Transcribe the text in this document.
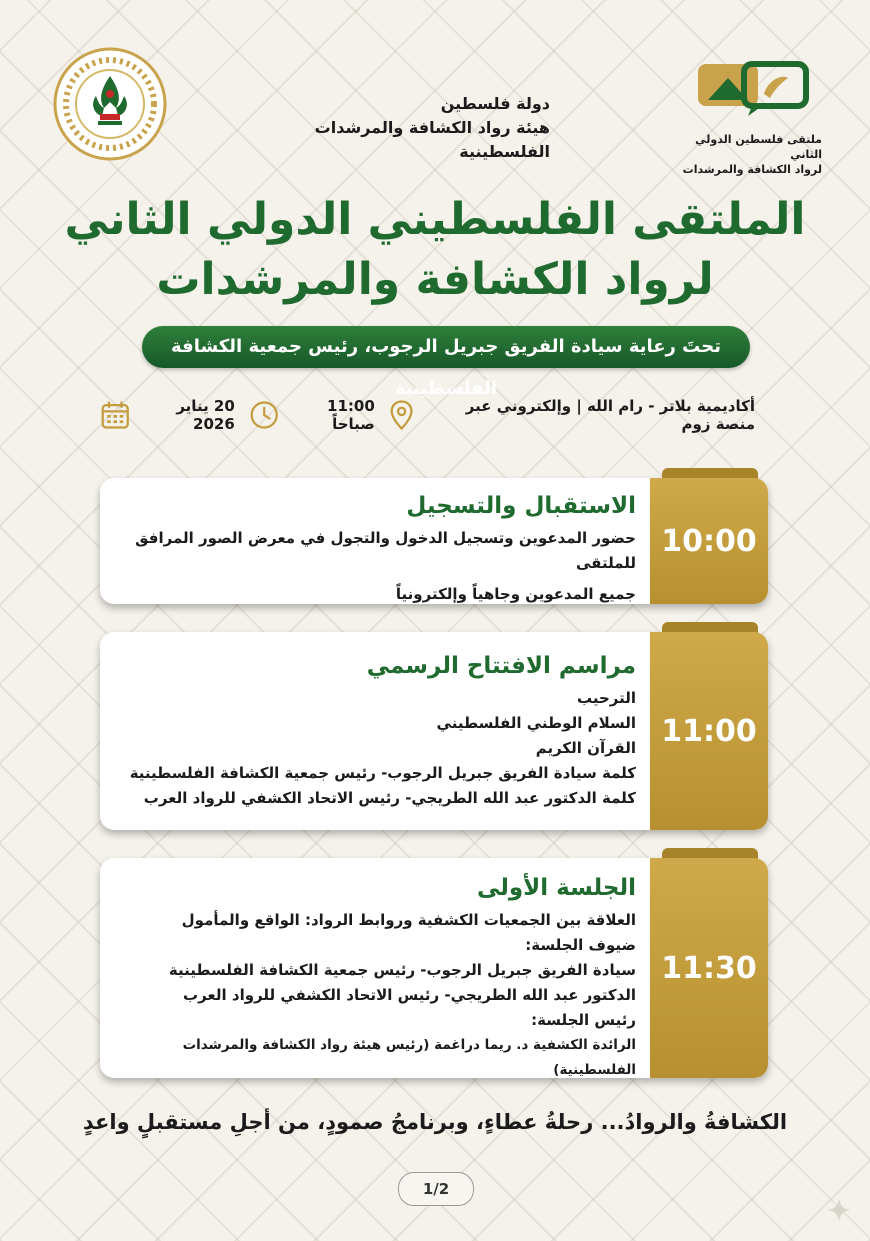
ملتقى فلسطين الدولي الثاني
لرواد الكشافة والمرشدات
دولة فلسطين
هيئة رواد الكشافة والمرشدات الفلسطينية
الملتقى الفلسطيني الدولي الثاني
لرواد الكشافة والمرشدات
تحتَ رعاية سيادة الفريق جبريل الرجوب، رئيس جمعية الكشافة الفلسطينية
20 يناير 2026
11:00 صباحاً
أكاديمية بلاتر - رام الله | وإلكتروني عبر منصة زوم
10:00
الاستقبال والتسجيل
حضور المدعوين وتسجيل الدخول والتجول في معرض الصور المرافق للملتقى
جميع المدعوين وجاهياً وإلكترونياً
11:00
مراسم الافتتاح الرسمي
الترحيب
السلام الوطني الفلسطيني
القرآن الكريم
كلمة سيادة الفريق جبريل الرجوب- رئيس جمعية الكشافة الفلسطينية
كلمة الدكتور عبد الله الطريجي- رئيس الاتحاد الكشفي للرواد العرب
11:30
الجلسة الأولى
العلاقة بين الجمعيات الكشفية وروابط الرواد: الواقع والمأمول
ضيوف الجلسة:
سيادة الفريق جبريل الرجوب- رئيس جمعية الكشافة الفلسطينية
الدكتور عبد الله الطريجي- رئيس الاتحاد الكشفي للرواد العرب
رئيس الجلسة:
الرائدة الكشفية د. ريما دراغمة (رئيس هيئة رواد الكشافة والمرشدات الفلسطينية)
الكشافةُ والروادُ... رحلةُ عطاءٍ، وبرنامجُ صمودٍ، من أجلِ مستقبلٍ واعدٍ
1/2
